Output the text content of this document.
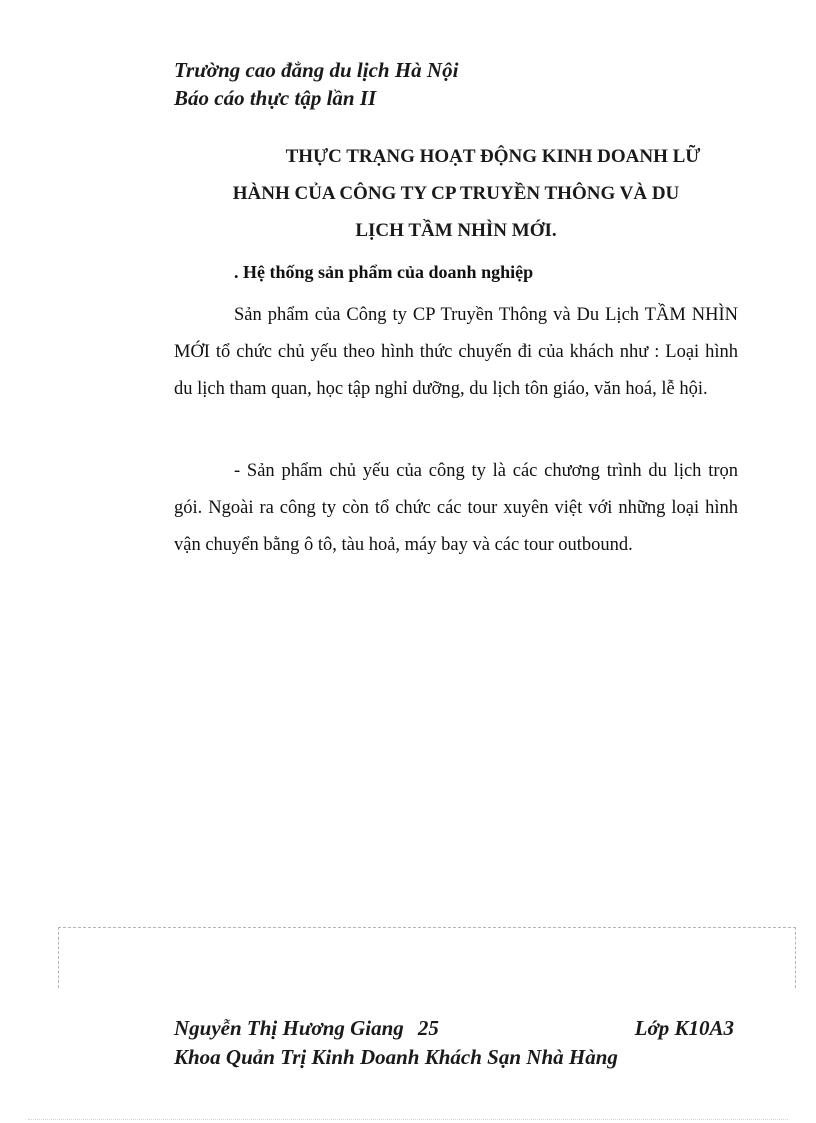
Trường cao đẳng du lịch Hà Nội
Báo cáo thực tập lần II
THỰC TRẠNG HOẠT ĐỘNG KINH DOANH LỮ
HÀNH CỦA CÔNG TY CP TRUYỀN THÔNG VÀ DU
LỊCH TẦM NHÌN MỚI.
. Hệ thống sản phẩm của doanh nghiệp

Sản phẩm của Công ty CP Truyền Thông và Du Lịch TẦM NHÌN MỚI tổ chức chủ yếu theo hình thức chuyến đi của khách như : Loại hình du lịch tham quan, học tập nghỉ dưỡng, du lịch tôn giáo, văn hoá, lễ hội.

- Sản phẩm chủ yếu của công ty là các chương trình du lịch trọn gói. Ngoài ra công ty còn tổ chức các tour xuyên việt với những loại hình vận chuyển bằng ô tô, tàu hoả, máy bay và các tour outbound.

Nguyễn Thị Hương Giang 25	Lớp K10A3
Khoa Quản Trị Kinh Doanh Khách Sạn Nhà Hàng
